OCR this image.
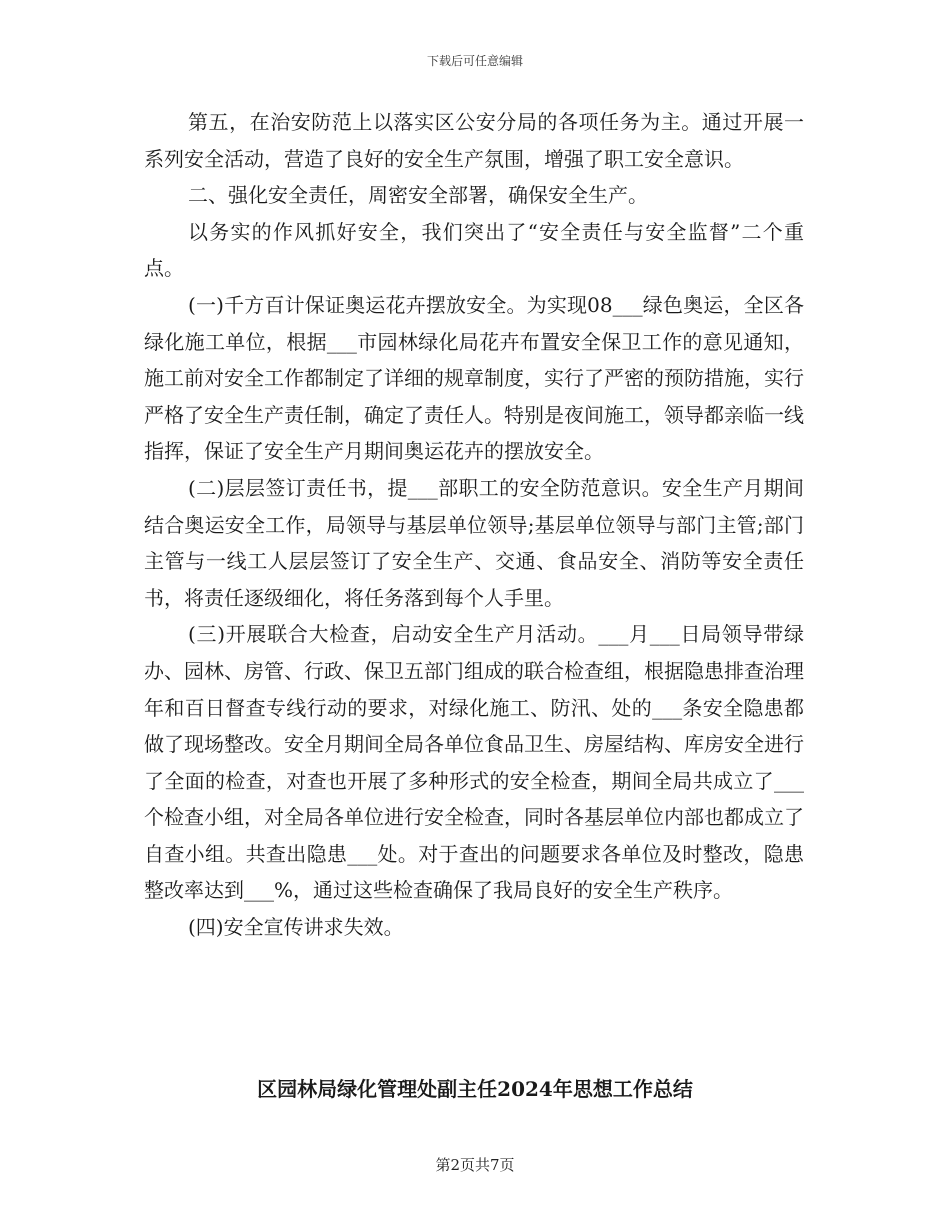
下载后可任意编辑

第五，在治安防范上以落实区公安分局的各项任务为主。通过开展一系列安全活动，营造了良好的安全生产氛围，增强了职工安全意识。

二、强化安全责任，周密安全部署，确保安全生产。

以务实的作风抓好安全，我们突出了“安全责任与安全监督”二个重点。

(一)千方百计保证奥运花卉摆放安全。为实现08___绿色奥运，全区各绿化施工单位，根据___市园林绿化局花卉布置安全保卫工作的意见通知，施工前对安全工作都制定了详细的规章制度，实行了严密的预防措施，实行严格了安全生产责任制，确定了责任人。特别是夜间施工，领导都亲临一线指挥，保证了安全生产月期间奥运花卉的摆放安全。

(二)层层签订责任书，提___部职工的安全防范意识。安全生产月期间结合奥运安全工作，局领导与基层单位领导;基层单位领导与部门主管;部门主管与一线工人层层签订了安全生产、交通、食品安全、消防等安全责任书，将责任逐级细化，将任务落到每个人手里。

(三)开展联合大检查，启动安全生产月活动。___月___日局领导带绿办、园林、房管、行政、保卫五部门组成的联合检查组，根据隐患排查治理年和百日督查专线行动的要求，对绿化施工、防汛、处的___条安全隐患都做了现场整改。安全月期间全局各单位食品卫生、房屋结构、库房安全进行了全面的检查，对查也开展了多种形式的安全检查，期间全局共成立了___个检查小组，对全局各单位进行安全检查，同时各基层单位内部也都成立了自查小组。共查出隐患___处。对于查出的问题要求各单位及时整改，隐患整改率达到___%，通过这些检查确保了我局良好的安全生产秩序。

(四)安全宣传讲求失效。

区园林局绿化管理处副主任2024年思想工作总结
第2页共7页
